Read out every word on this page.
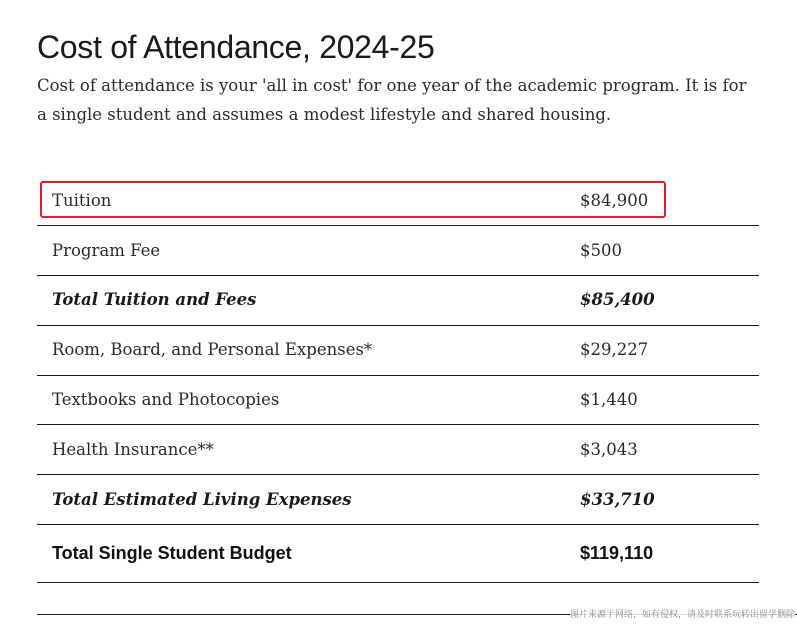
Cost of Attendance, 2024-25

Cost of attendance is your 'all in cost' for one year of the academic program. It is for a single student and assumes a modest lifestyle and shared housing.

Tuition	$84,900
Program Fee	$500
Total Tuition and Fees	$85,400
Room, Board, and Personal Expenses*	$29,227
Textbooks and Photocopies	$1,440
Health Insurance**	$3,043
Total Estimated Living Expenses	$33,710
Total Single Student Budget	$119,110
图片来源于网络，如有侵权，请及时联系玩转出留学删除
